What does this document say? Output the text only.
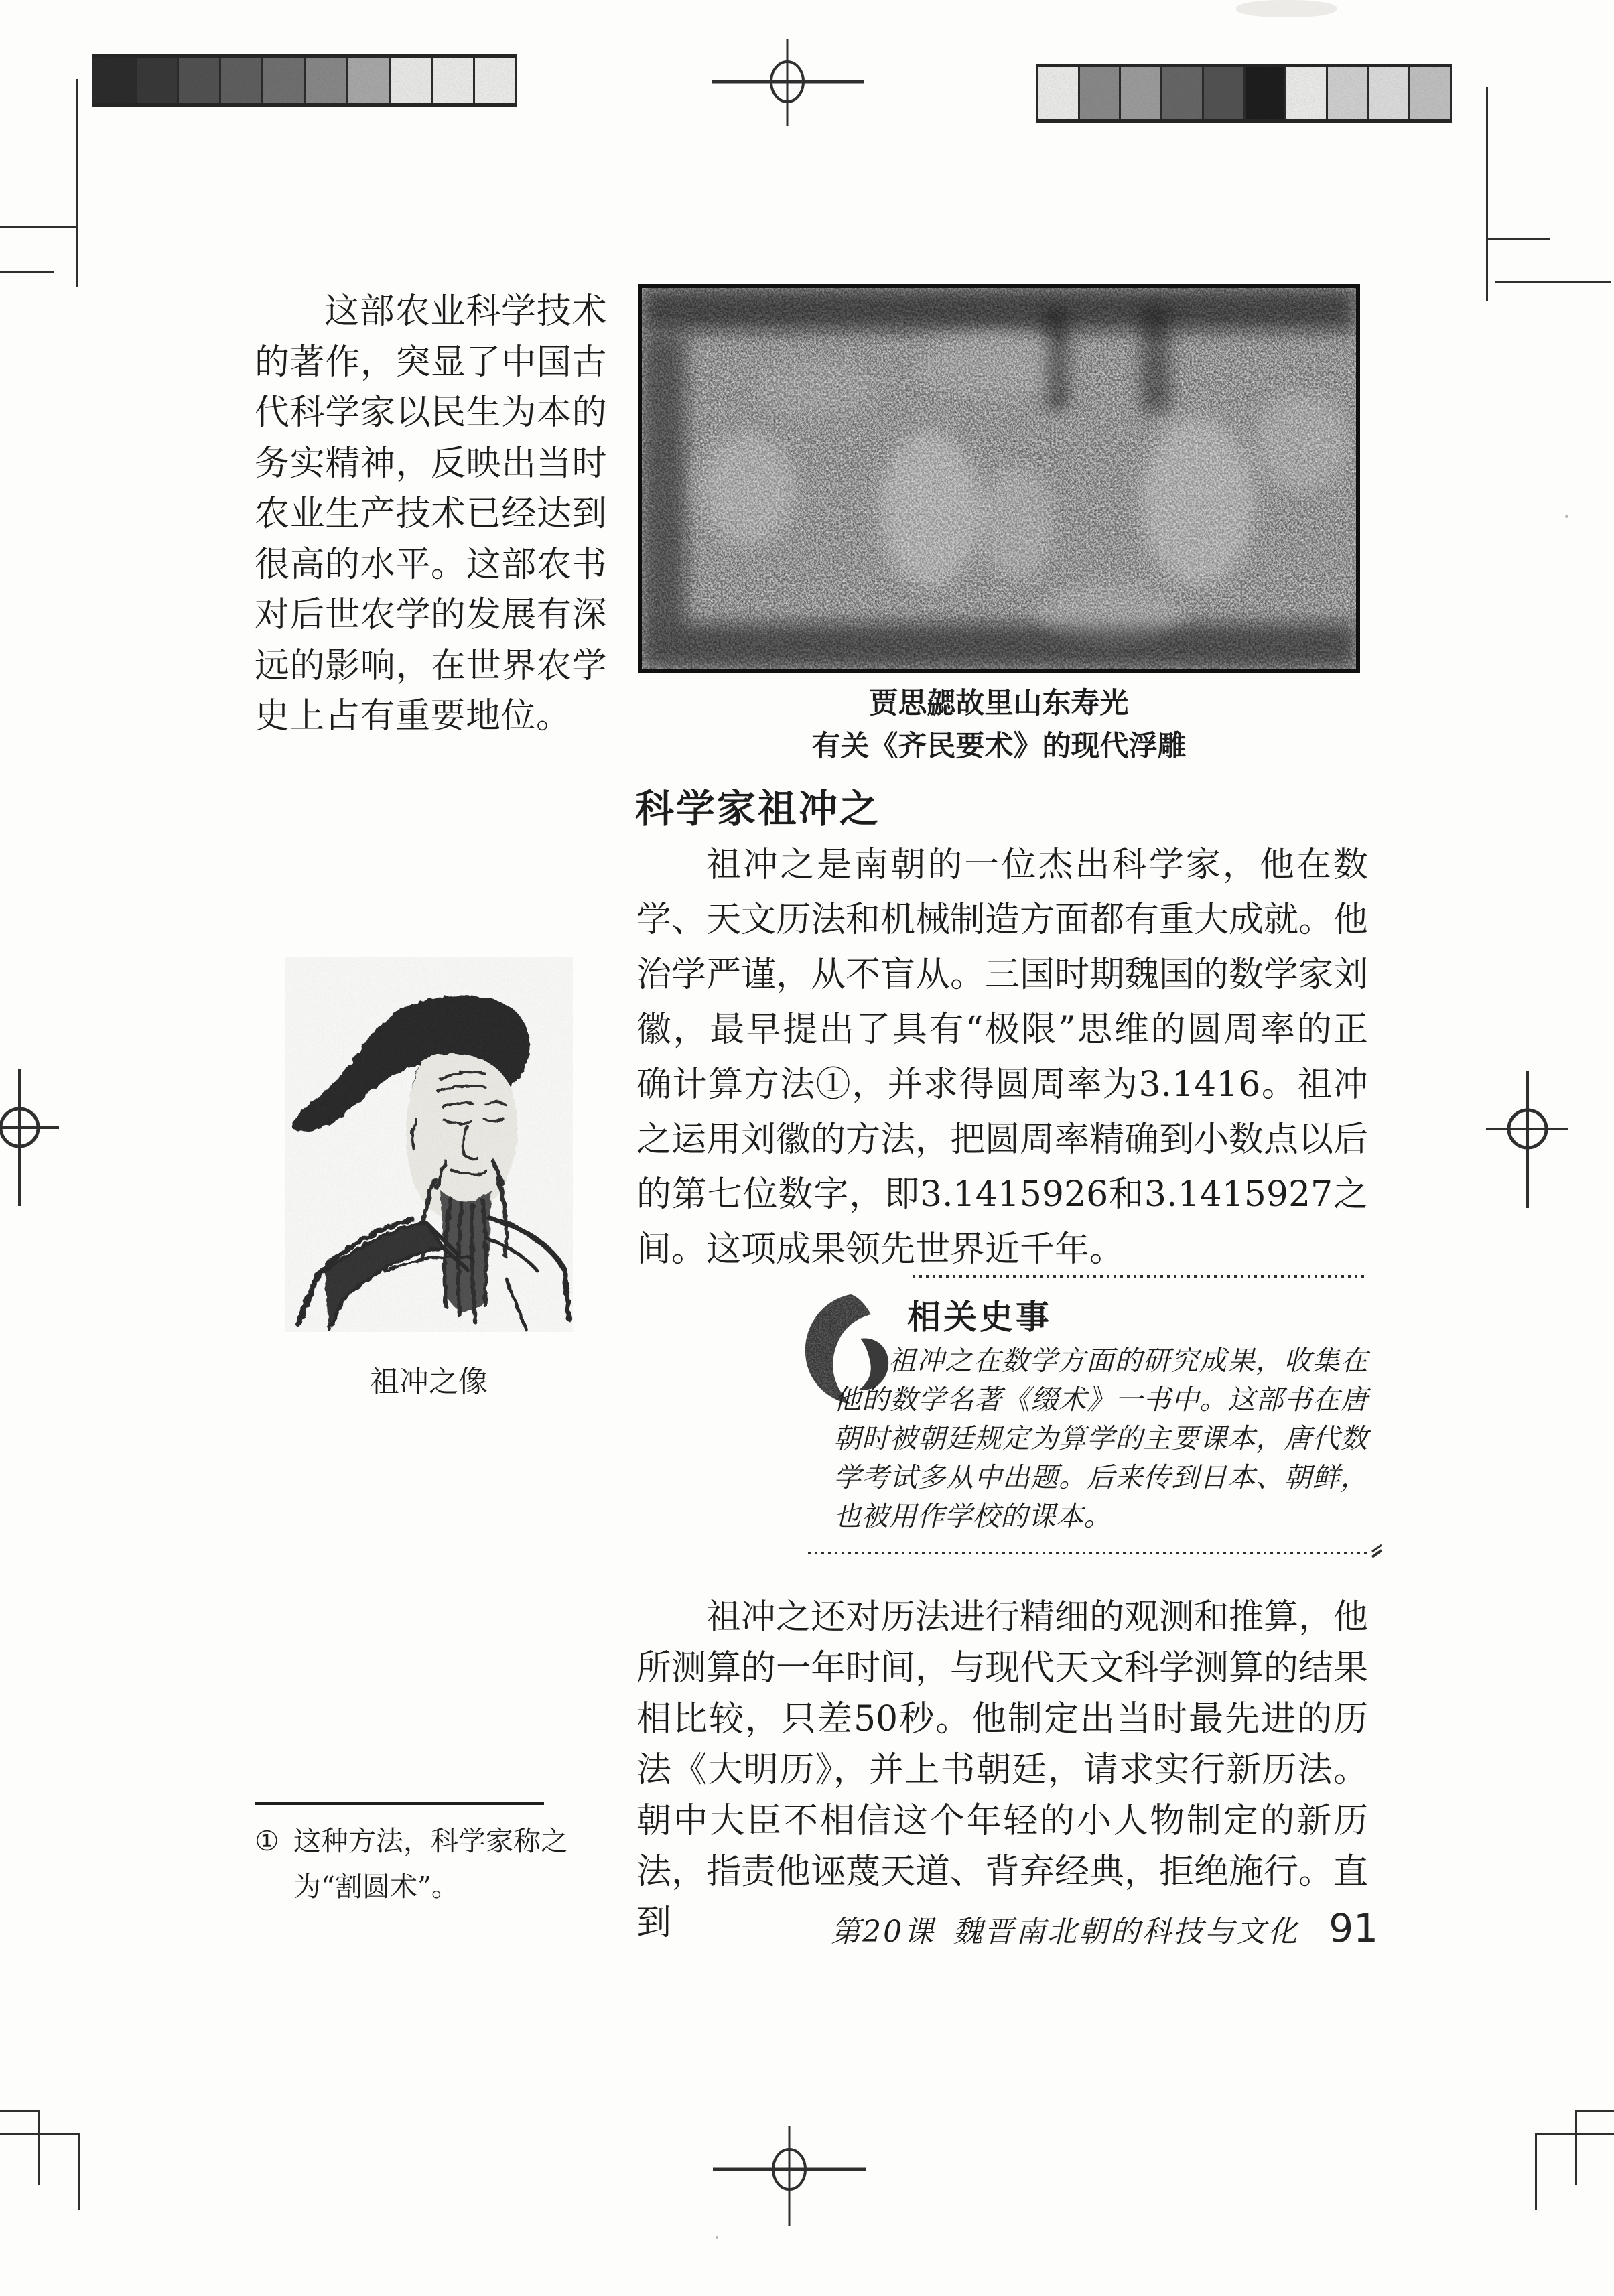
这部农业科学技术的著作，突显了中国古代科学家以民生为本的务实精神，反映出当时农业生产技术已经达到很高的水平。这部农书对后世农学的发展有深远的影响，在世界农学史上占有重要地位。	贾思勰故里山东寿光
有关《齐民要术》的现代浮雕
科学家祖冲之
祖冲之是南朝的一位杰出科学家，他在数学、天文历法和机械制造方面都有重大成就。他治学严谨，从不盲从。三国时期魏国的数学家刘徽，最早提出了具有“极限”思维的圆周率的正确计算方法①，并求得圆周率为3.1416。祖冲之运用刘徽的方法，把圆周率精确到小数点以后的第七位数字，即3.1415926和3.1415927之间。这项成果领先世界近千年。
相关史事
祖冲之在数学方面的研究成果，收集在他的数学名著《缀术》一书中。这部书在唐朝时被朝廷规定为算学的主要课本，唐代数学考试多从中出题。后来传到日本、朝鲜，也被用作学校的课本。
祖冲之像
① 这种方法，科学家称之为“割圆术”。
祖冲之还对历法进行精细的观测和推算，他所测算的一年时间，与现代天文科学测算的结果相比较，只差50秒。他制定出当时最先进的历法《大明历》，并上书朝廷，请求实行新历法。朝中大臣不相信这个年轻的小人物制定的新历法，指责他诬蔑天道、背弃经典，拒绝施行。直到	第20课 魏晋南北朝的科技与文化 91
